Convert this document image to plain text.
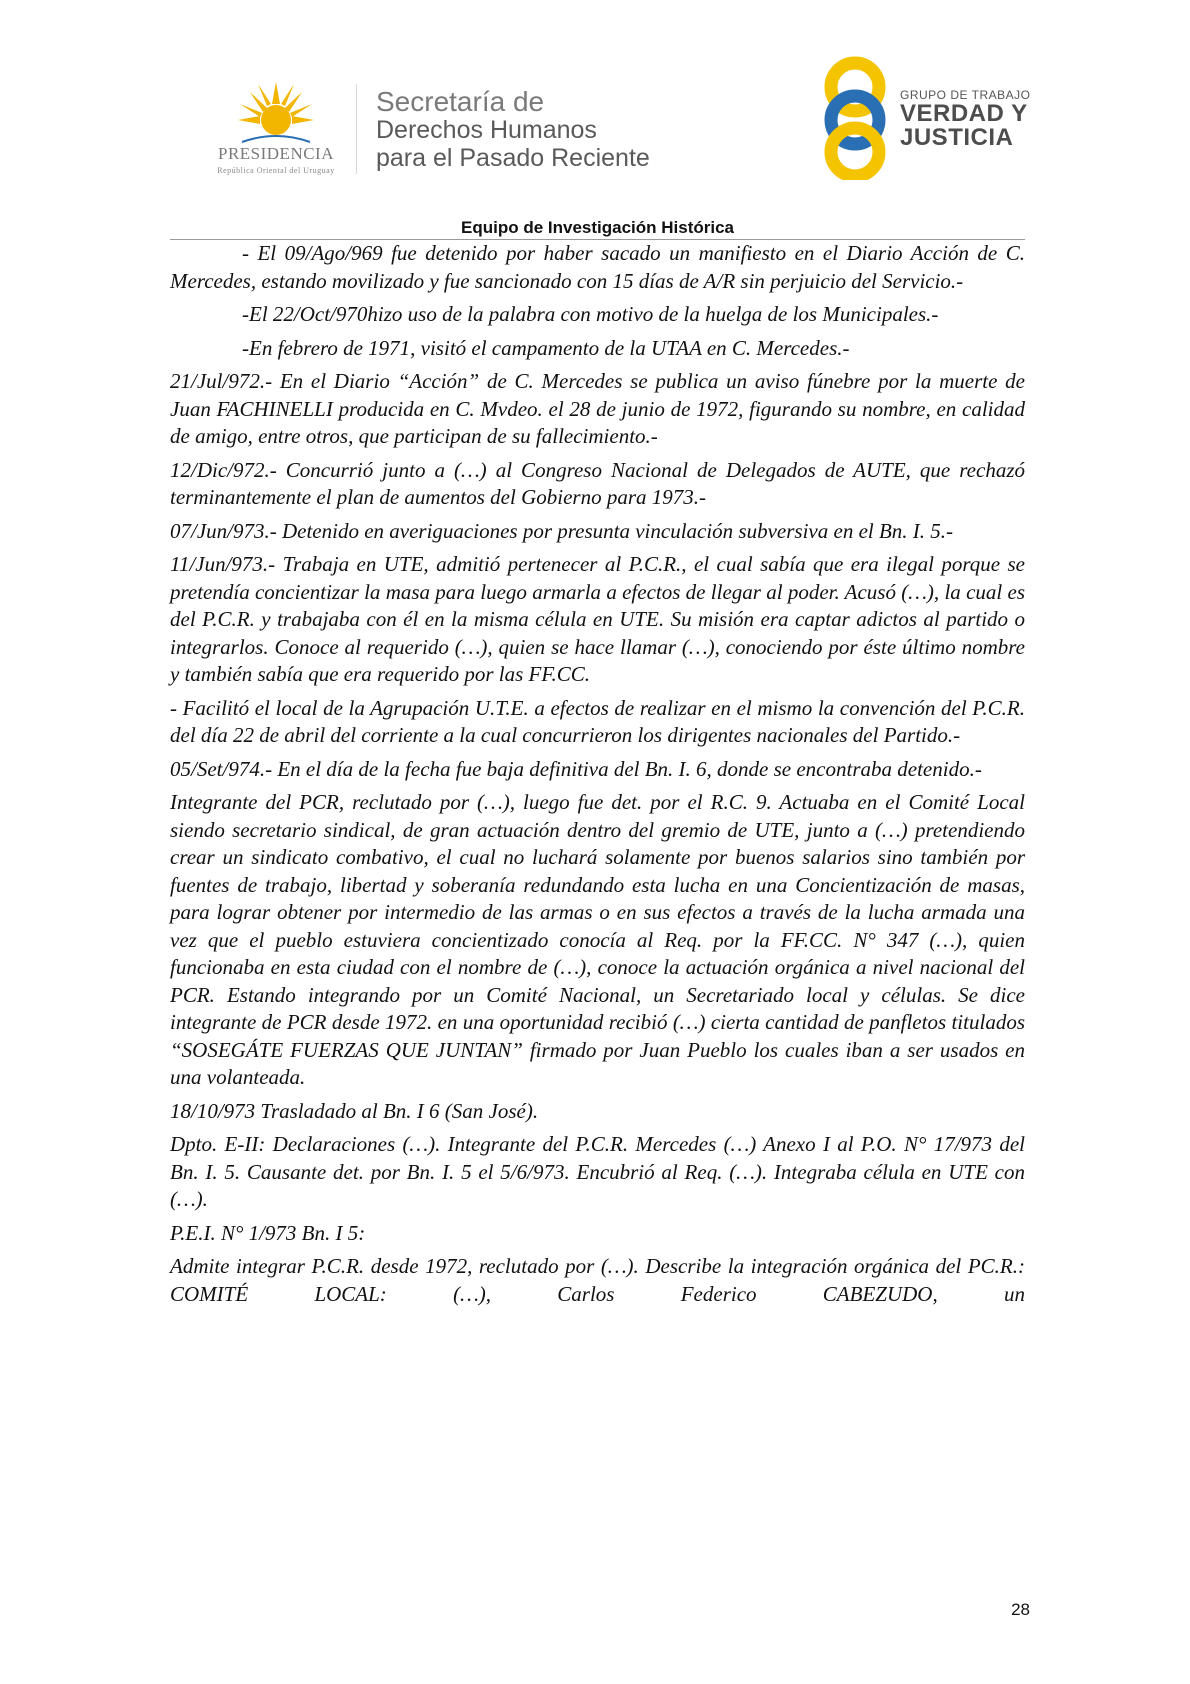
PRESIDENCIA
República Oriental del Uruguay
Secretaría de
Derechos Humanos
para el Pasado Reciente
GRUPO DE TRABAJO
VERDAD Y
JUSTICIA
Equipo de Investigación Histórica

- El 09/Ago/969 fue detenido por haber sacado un manifiesto en el Diario Acción de C. Mercedes, estando movilizado y fue sancionado con 15 días de A/R sin perjuicio del Servicio.-

-El 22/Oct/970hizo uso de la palabra con motivo de la huelga de los Municipales.-

-En febrero de 1971, visitó el campamento de la UTAA en C. Mercedes.-

21/Jul/972.- En el Diario “Acción” de C. Mercedes se publica un aviso fúnebre por la muerte de Juan FACHINELLI producida en C. Mvdeo. el 28 de junio de 1972, figurando su nombre, en calidad de amigo, entre otros, que participan de su fallecimiento.-

12/Dic/972.- Concurrió junto a (…) al Congreso Nacional de Delegados de AUTE, que rechazó terminantemente el plan de aumentos del Gobierno para 1973.-

07/Jun/973.- Detenido en averiguaciones por presunta vinculación subversiva en el Bn. I. 5.-

11/Jun/973.- Trabaja en UTE, admitió pertenecer al P.C.R., el cual sabía que era ilegal porque se pretendía concientizar la masa para luego armarla a efectos de llegar al poder. Acusó (…), la cual es del P.C.R. y trabajaba con él en la misma célula en UTE. Su misión era captar adictos al partido o integrarlos. Conoce al requerido (…), quien se hace llamar (…), conociendo por éste último nombre y también sabía que era requerido por las FF.CC.

- Facilitó el local de la Agrupación U.T.E. a efectos de realizar en el mismo la convención del P.C.R. del día 22 de abril del corriente a la cual concurrieron los dirigentes nacionales del Partido.-

05/Set/974.- En el día de la fecha fue baja definitiva del Bn. I. 6, donde se encontraba detenido.-

Integrante del PCR, reclutado por (…), luego fue det. por el R.C. 9. Actuaba en el Comité Local siendo secretario sindical, de gran actuación dentro del gremio de UTE, junto a (…) pretendiendo crear un sindicato combativo, el cual no luchará solamente por buenos salarios sino también por fuentes de trabajo, libertad y soberanía redundando esta lucha en una Concientización de masas, para lograr obtener por intermedio de las armas o en sus efectos a través de la lucha armada una vez que el pueblo estuviera concientizado conocía al Req. por la FF.CC. N° 347 (…), quien funcionaba en esta ciudad con el nombre de (…), conoce la actuación orgánica a nivel nacional del PCR. Estando integrando por un Comité Nacional, un Secretariado local y células. Se dice integrante de PCR desde 1972. en una oportunidad recibió (…) cierta cantidad de panfletos titulados “SOSEGÁTE FUERZAS QUE JUNTAN” firmado por Juan Pueblo los cuales iban a ser usados en una volanteada.

18/10/973 Trasladado al Bn. I 6 (San José).

Dpto. E-II: Declaraciones (…). Integrante del P.C.R. Mercedes (…) Anexo I al P.O. N° 17/973 del Bn. I. 5. Causante det. por Bn. I. 5 el 5/6/973. Encubrió al Req. (…). Integraba célula en UTE con (…).

P.E.I. N° 1/973 Bn. I 5:

Admite integrar P.C.R. desde 1972, reclutado por (…). Describe la integración orgánica del PC.R.: COMITÉ LOCAL: (…), Carlos Federico CABEZUDO, un

28
